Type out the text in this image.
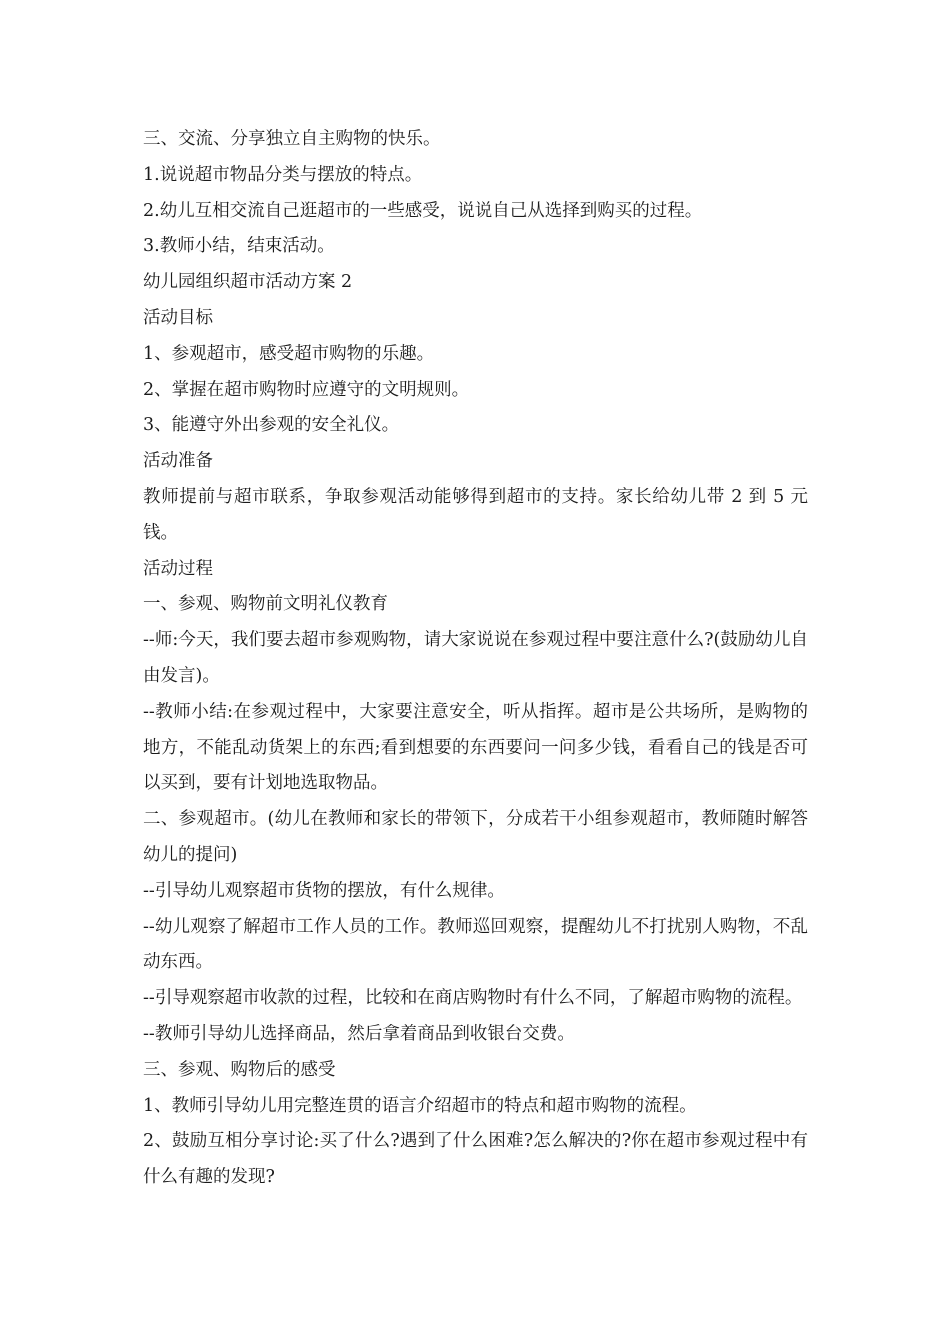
三、交流、分享独立自主购物的快乐。

1.说说超市物品分类与摆放的特点。

2.幼儿互相交流自己逛超市的一些感受，说说自己从选择到购买的过程。

3.教师小结，结束活动。

幼儿园组织超市活动方案 2

活动目标

1、参观超市，感受超市购物的乐趣。

2、掌握在超市购物时应遵守的文明规则。

3、能遵守外出参观的安全礼仪。

活动准备

教师提前与超市联系，争取参观活动能够得到超市的支持。家长给幼儿带 2 到 5 元钱。

活动过程

一、参观、购物前文明礼仪教育

--师:今天，我们要去超市参观购物，请大家说说在参观过程中要注意什么?(鼓励幼儿自由发言)。

--教师小结:在参观过程中，大家要注意安全，听从指挥。超市是公共场所，是购物的地方，不能乱动货架上的东西;看到想要的东西要问一问多少钱，看看自己的钱是否可以买到，要有计划地选取物品。

二、参观超市。(幼儿在教师和家长的带领下，分成若干小组参观超市，教师随时解答幼儿的提问)

--引导幼儿观察超市货物的摆放，有什么规律。

--幼儿观察了解超市工作人员的工作。教师巡回观察，提醒幼儿不打扰别人购物，不乱动东西。

--引导观察超市收款的过程，比较和在商店购物时有什么不同，了解超市购物的流程。

--教师引导幼儿选择商品，然后拿着商品到收银台交费。

三、参观、购物后的感受

1、教师引导幼儿用完整连贯的语言介绍超市的特点和超市购物的流程。

2、鼓励互相分享讨论:买了什么?遇到了什么困难?怎么解决的?你在超市参观过程中有什么有趣的发现?
